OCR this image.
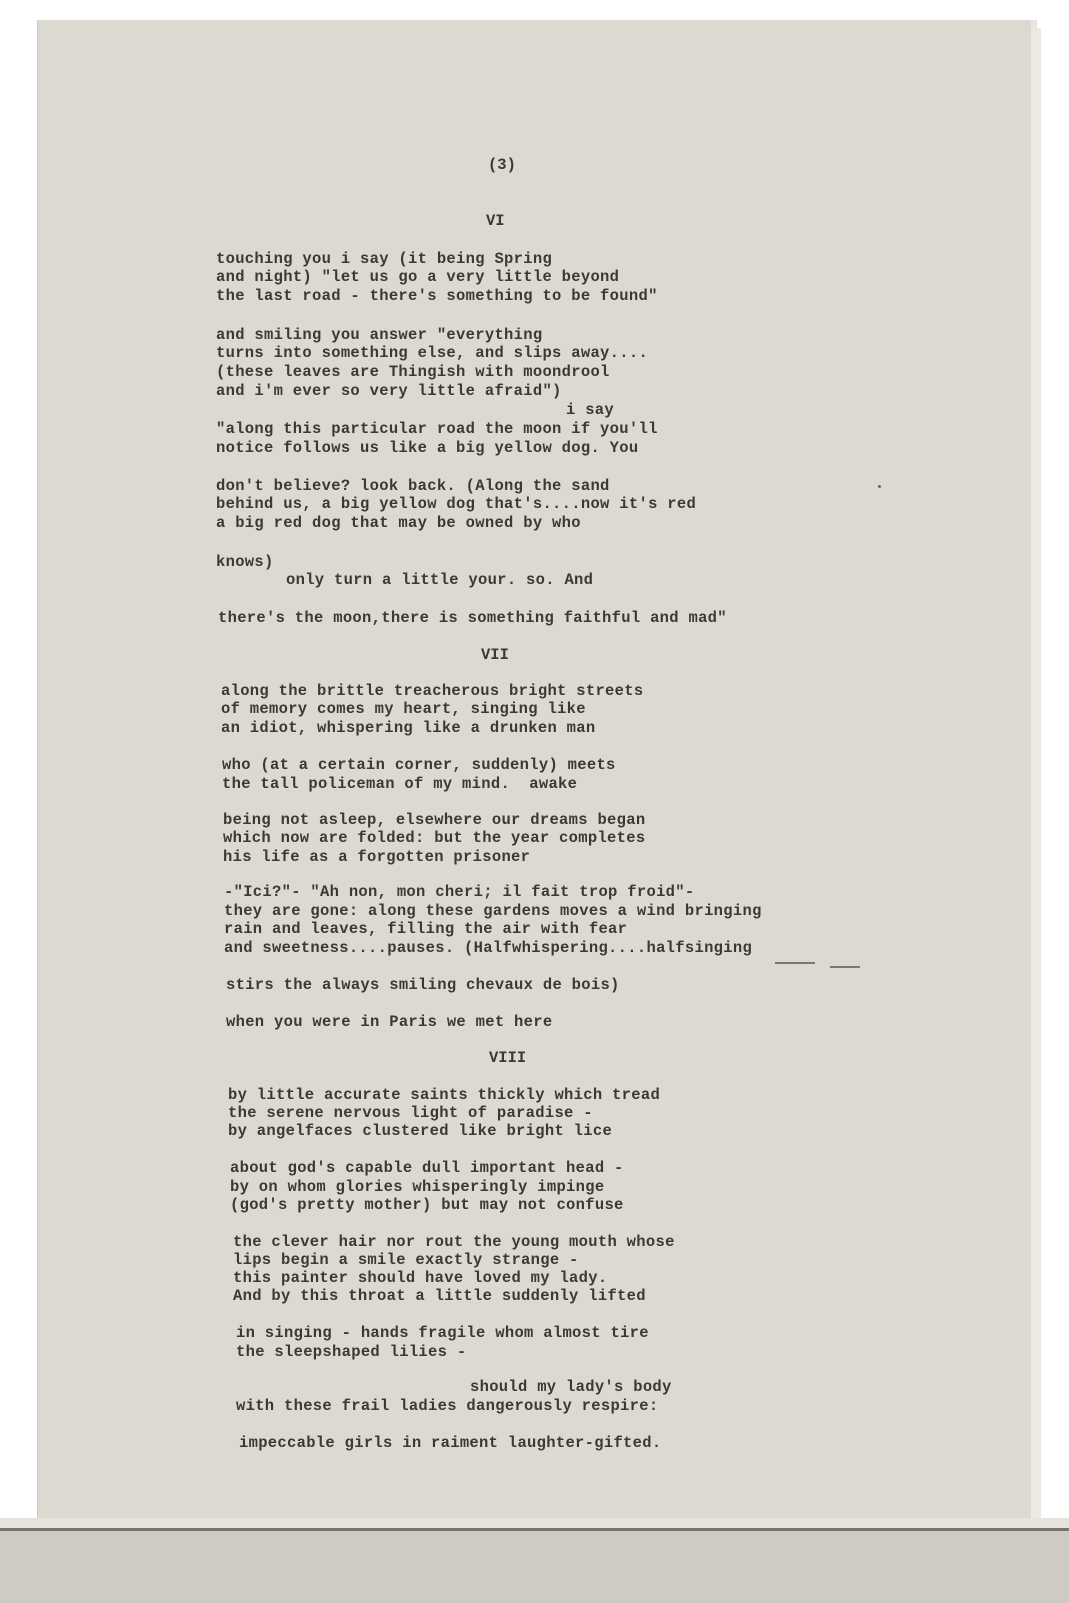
(3)
VI
touching you i say (it being Spring
and night) "let us go a very little beyond
the last road - there's something to be found"
and smiling you answer "everything
turns into something else, and slips away....
(these leaves are Thingish with moondrool
and i'm ever so very little afraid")
i say
"along this particular road the moon if you'll
notice follows us like a big yellow dog. You
don't believe? look back. (Along the sand
behind us, a big yellow dog that's....now it's red
a big red dog that may be owned by who
knows)
only turn a little your. so. And
there's the moon,there is something faithful and mad"
VII
along the brittle treacherous bright streets
of memory comes my heart, singing like
an idiot, whispering like a drunken man
who (at a certain corner, suddenly) meets
the tall policeman of my mind.  awake
being not asleep, elsewhere our dreams began
which now are folded: but the year completes
his life as a forgotten prisoner
-"Ici?"- "Ah non, mon cheri; il fait trop froid"-
they are gone: along these gardens moves a wind bringing
rain and leaves, filling the air with fear
and sweetness....pauses. (Halfwhispering....halfsinging
stirs the always smiling chevaux de bois)
when you were in Paris we met here
VIII
by little accurate saints thickly which tread
the serene nervous light of paradise -
by angelfaces clustered like bright lice
about god's capable dull important head -
by on whom glories whisperingly impinge
(god's pretty mother) but may not confuse
the clever hair nor rout the young mouth whose
lips begin a smile exactly strange -
this painter should have loved my lady.
And by this throat a little suddenly lifted
in singing - hands fragile whom almost tire
the sleepshaped lilies -
should my lady's body
with these frail ladies dangerously respire:
impeccable girls in raiment laughter-gifted.
